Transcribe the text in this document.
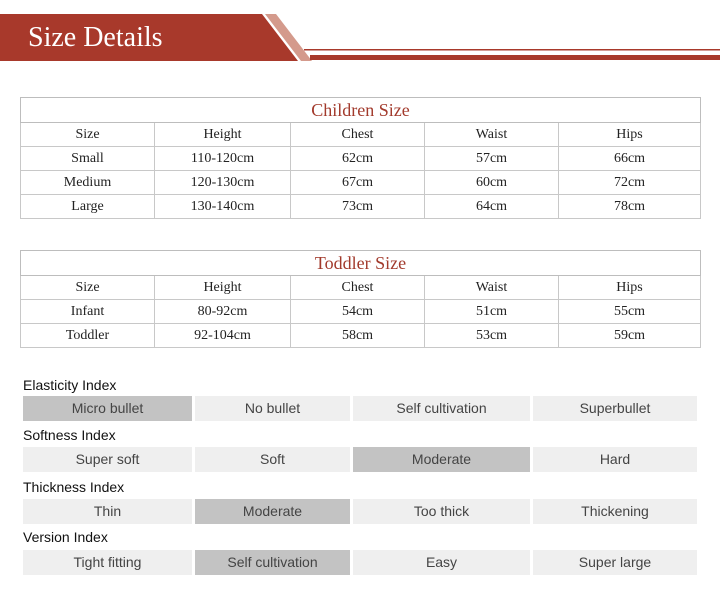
Size Details
Children Size				
Size	Height	Chest	Waist	Hips
Small	110-120cm	62cm	57cm	66cm
Medium	120-130cm	67cm	60cm	72cm
Large	130-140cm	73cm	64cm	78cm
Toddler Size				
Size	Height	Chest	Waist	Hips
Infant	80-92cm	54cm	51cm	55cm
Toddler	92-104cm	58cm	53cm	59cm

Elasticity Index

Micro bullet	No bullet	Self cultivation	Superbullet

Softness Index

Super soft	Soft	Moderate	Hard

Thickness Index

Thin	Moderate	Too thick	Thickening

Version Index

Tight fitting	Self cultivation	Easy	Super large
